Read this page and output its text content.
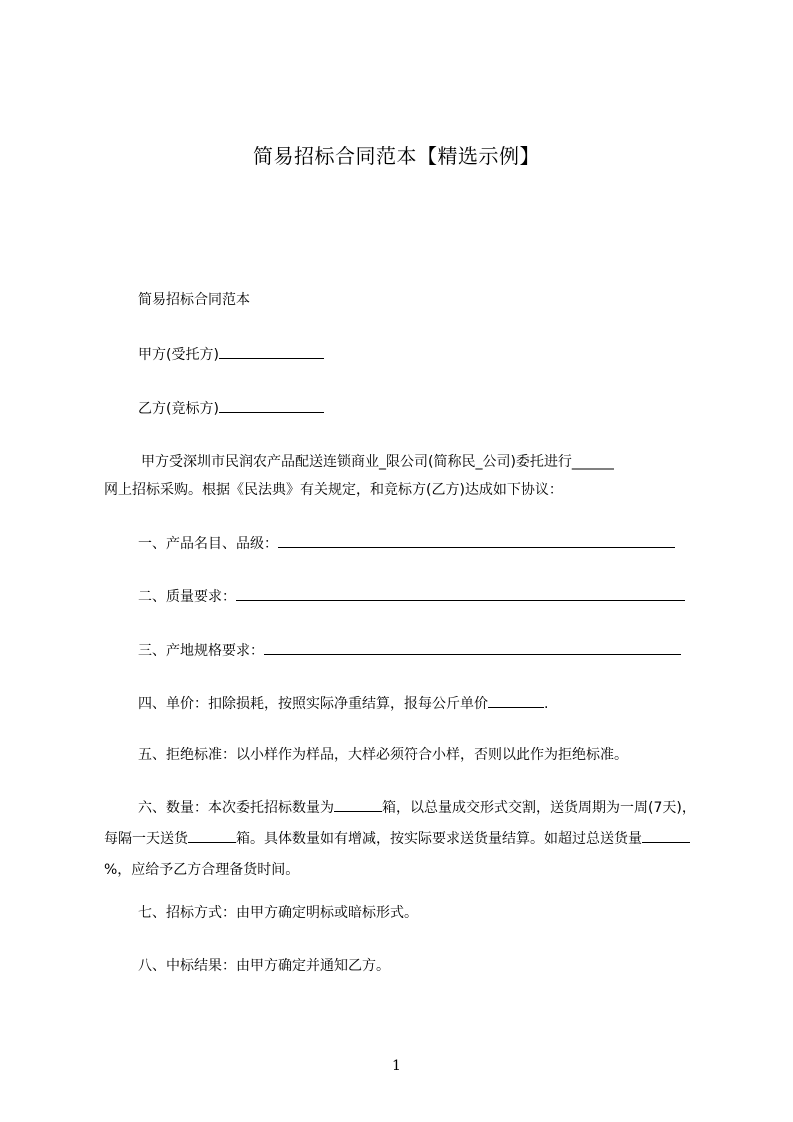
简易招标合同范本【精选示例】
简易招标合同范本
甲方(受托方)
乙方(竞标方)
甲方受深圳市民润农产品配送连锁商业_限公司(简称民_公司)委托进行______
网上招标采购。根据《民法典》有关规定，和竞标方(乙方)达成如下协议：
一、产品名目、品级：
二、质量要求：
三、产地规格要求：
四、单价：扣除损耗，按照实际净重结算，报每公斤单价	.
五、拒绝标准：以小样作为样品，大样必须符合小样，否则以此作为拒绝标准。
六、数量：本次委托招标数量为	箱，以总量成交形式交割，送货周期为一周(7天)，每隔一天送货	箱。具体数量如有增减，按实际要求送货量结算。如超过总送货量%，应给予乙方合理备货时间。
七、招标方式：由甲方确定明标或暗标形式。
八、中标结果：由甲方确定并通知乙方。
1
